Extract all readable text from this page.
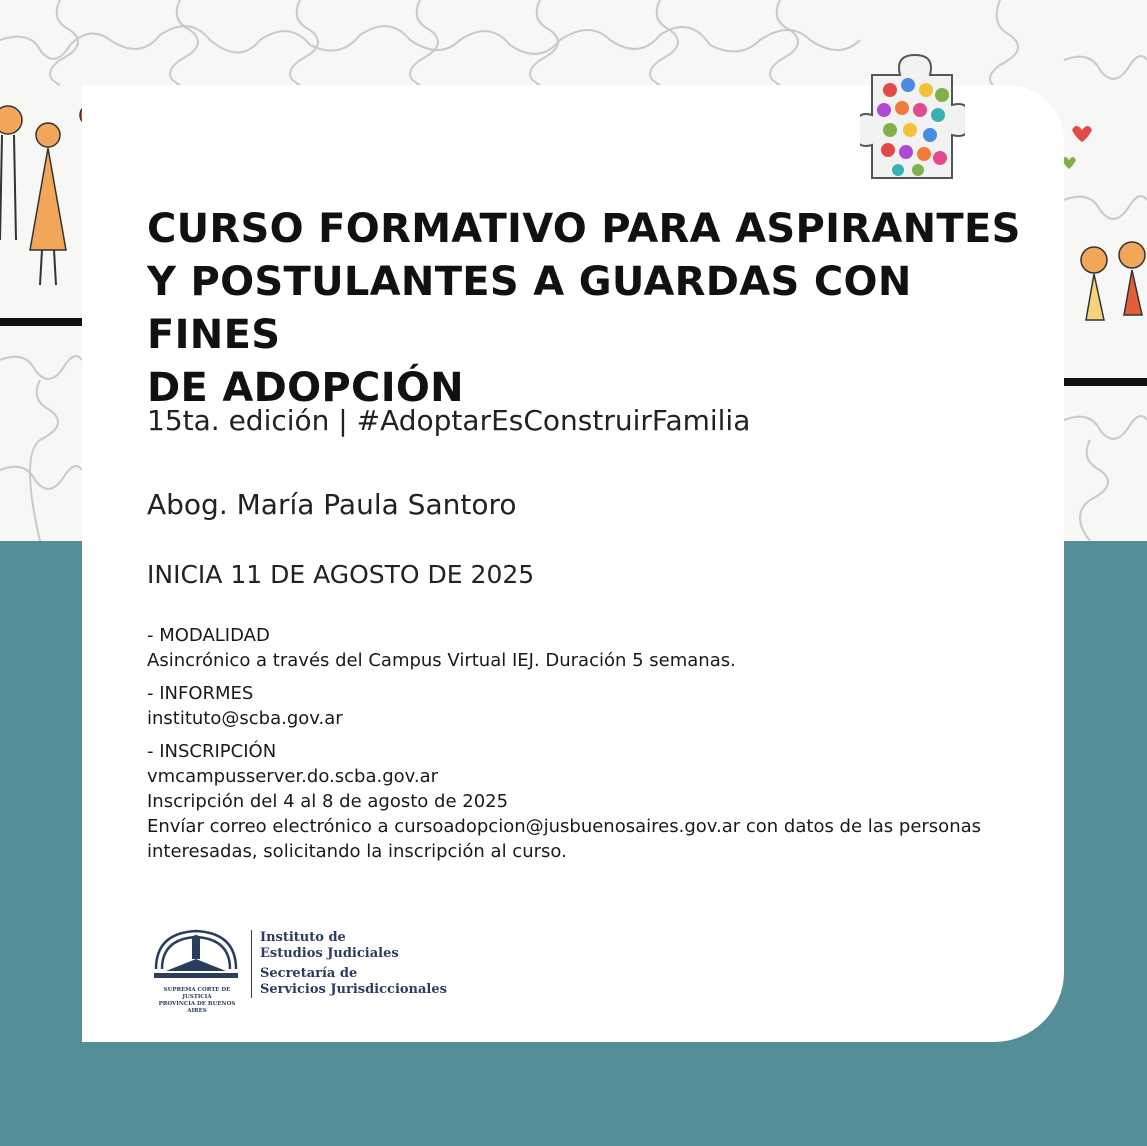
CURSO FORMATIVO PARA ASPIRANTES
Y POSTULANTES A GUARDAS CON FINES
DE ADOPCIÓN
15ta. edición | #AdoptarEsConstruirFamilia
Abog. María Paula Santoro
INICIA 11 DE AGOSTO DE 2025
- MODALIDAD
Asincrónico a través del Campus Virtual IEJ. Duración 5 semanas.
- INFORMES
instituto@scba.gov.ar
- INSCRIPCIÓN
vmcampusserver.do.scba.gov.ar
Inscripción del 4 al 8 de agosto de 2025
Envíar correo electrónico a cursoadopcion@jusbuenosaires.gov.ar con datos de las personas
interesadas, solicitando la inscripción al curso.
SUPREMA CORTE DE JUSTICIA
PROVINCIA DE BUENOS AIRES
Instituto de
Estudios Judiciales
Secretaría de
Servicios Jurisdiccionales
